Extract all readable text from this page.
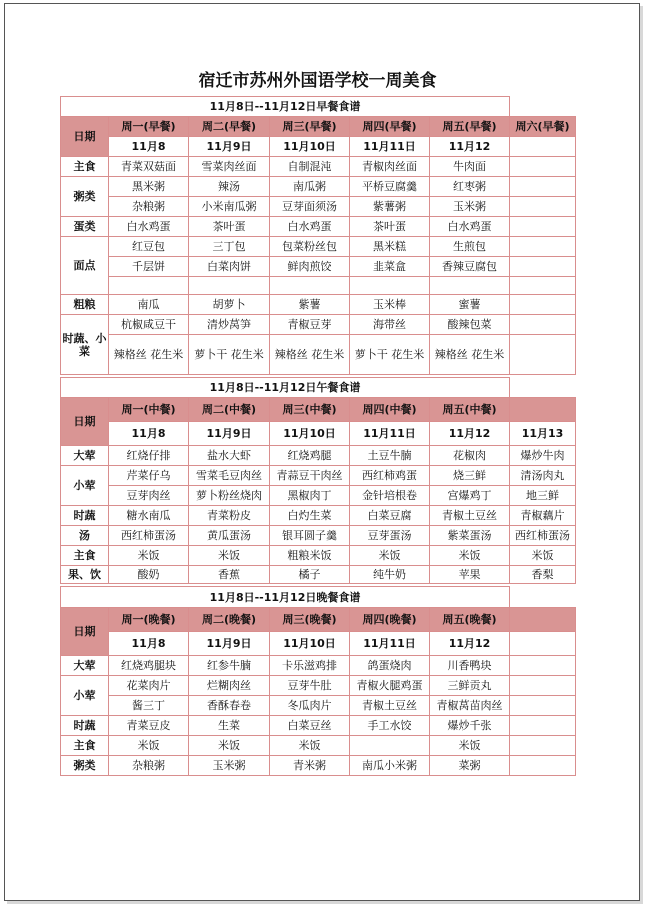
宿迁市苏州外国语学校一周美食
11月8日--11月12日早餐食谱						
日期	周一(早餐)	周二(早餐)	周三(早餐)	周四(早餐)	周五(早餐)	周六(早餐)
	11月8	11月9日	11月10日	11月11日	11月12	
主食	青菜双菇面	雪菜肉丝面	自制混沌	青椒肉丝面	牛肉面	
粥类	黑米粥	辣汤	南瓜粥	平桥豆腐羹	红枣粥	
	杂粮粥	小米南瓜粥	豆芽面须汤	紫薯粥	玉米粥	
蛋类	白水鸡蛋	茶叶蛋	白水鸡蛋	茶叶蛋	白水鸡蛋	
面点	红豆包	三丁包	包菜粉丝包	黑米糕	生煎包	
	千层饼	白菜肉饼	鲜肉煎饺	韭菜盒	香辣豆腐包	

粗粮	南瓜	胡萝卜	紫薯	玉米棒	蜜薯	
时蔬、小菜	杭椒咸豆干	清炒莴笋	青椒豆芽	海带丝	酸辣包菜	
	辣格丝 花生米	萝卜干 花生米	辣格丝 花生米	萝卜干 花生米	辣格丝 花生米	
11月8日--11月12日午餐食谱						
日期	周一(中餐)	周二(中餐)	周三(中餐)	周四(中餐)	周五(中餐)	
	11月8	11月9日	11月10日	11月11日	11月12	11月13
大荤	红烧仔排	盐水大虾	红烧鸡腿	土豆牛腩	花椒肉	爆炒牛肉
小荤	芹菜仔乌	雪菜毛豆肉丝	青蒜豆干肉丝	西红柿鸡蛋	烧三鲜	清汤肉丸
	豆芽肉丝	萝卜粉丝烧肉	黑椒肉丁	金针培根卷	宫爆鸡丁	地三鲜
时蔬	糖水南瓜	青菜粉皮	白灼生菜	白菜豆腐	青椒土豆丝	青椒藕片
汤	西红柿蛋汤	黄瓜蛋汤	银耳圆子羹	豆芽蛋汤	紫菜蛋汤	西红柿蛋汤
主食	米饭	米饭	粗粮米饭	米饭	米饭	米饭
果、饮	酸奶	香蕉	橘子	纯牛奶	苹果	香梨
11月8日--11月12日晚餐食谱						
日期	周一(晚餐)	周二(晚餐)	周三(晚餐)	周四(晚餐)	周五(晚餐)	
	11月8	11月9日	11月10日	11月11日	11月12	
大荤	红烧鸡腿块	红参牛腩	卡乐滋鸡排	鸽蛋烧肉	川香鸭块	
小荤	花菜肉片	烂糊肉丝	豆芽牛肚	青椒火腿鸡蛋	三鲜贡丸	
	酱三丁	香酥春卷	冬瓜肉片	青椒土豆丝	青椒莴苗肉丝	
时蔬	青菜豆皮	生菜	白菜豆丝	手工水饺	爆炒千张	
主食	米饭	米饭	米饭		米饭	
粥类	杂粮粥	玉米粥	青米粥	南瓜小米粥	菜粥	
